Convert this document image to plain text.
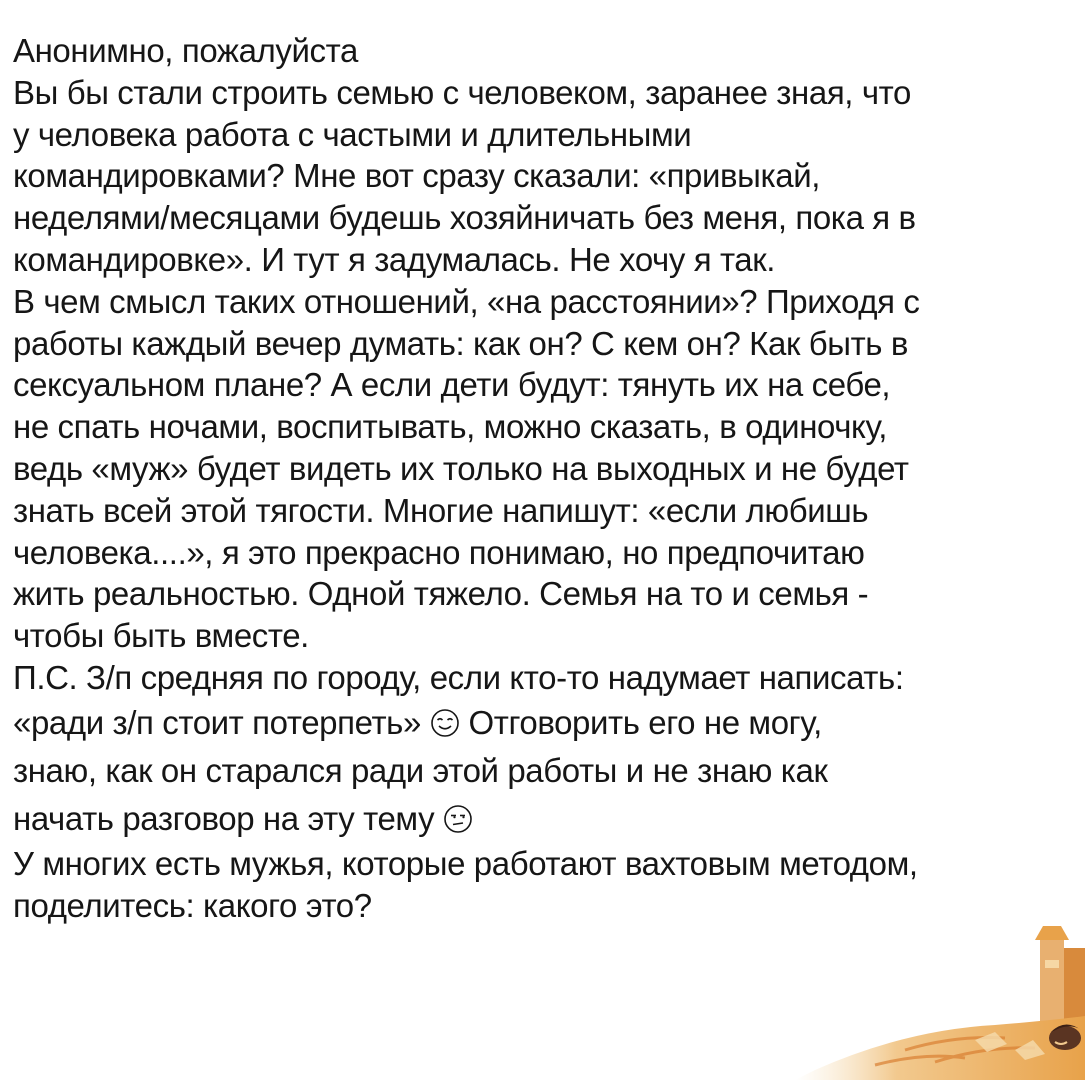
Анонимно, пожалуйста

Вы бы стали строить семью с человеком, заранее зная, что
у человека работа с частыми и длительными
командировками? Мне вот сразу сказали: «привыкай,
неделями/месяцами будешь хозяйничать без меня, пока я в
командировке». И тут я задумалась. Не хочу я так.

В чем смысл таких отношений, «на расстоянии»? Приходя с
работы каждый вечер думать: как он? С кем он? Как быть в
сексуальном плане? А если дети будут: тянуть их на себе,
не спать ночами, воспитывать, можно сказать, в одиночку,
ведь «муж» будет видеть их только на выходных и не будет
знать всей этой тягости. Многие напишут: «если любишь
человека....», я это прекрасно понимаю, но предпочитаю
жить реальностью. Одной тяжело. Семья на то и семья -
чтобы быть вместе.

П.С. З/п средняя по городу, если кто-то надумает написать:

«ради з/п стоит потерпеть» Отговорить его не могу,

знаю, как он старался ради этой работы и не знаю как

начать разговор на эту тему

У многих есть мужья, которые работают вахтовым методом,
поделитесь: какого это?
